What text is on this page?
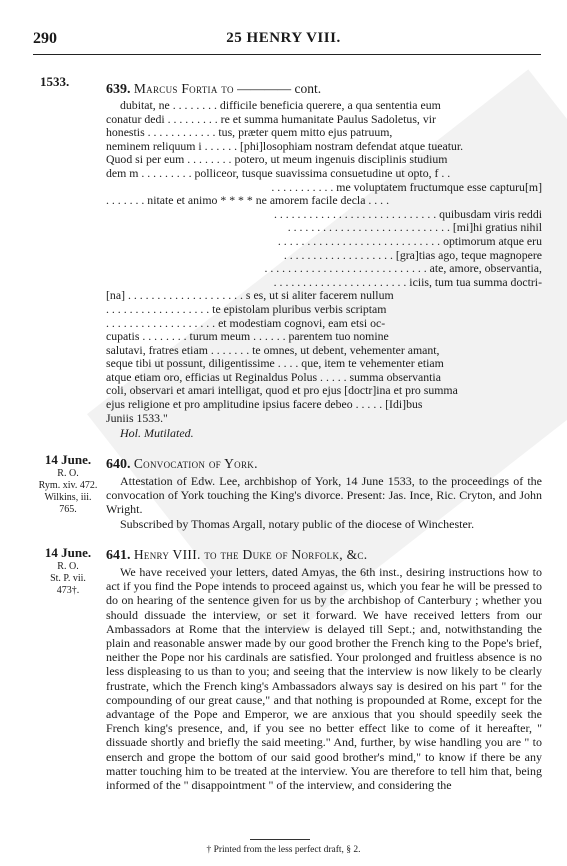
290	25 HENRY VIII.
1533.
639. Marcus Fortia to ———— cont.
dubitat, ne . . . . . . . . difficile beneficia querere, a qua sententia eum
conatur dedi . . . . . . . . . re et summa humanitate Paulus Sadoletus, vir
honestis . . . . . . . . . . . . tus, præter quem mitto ejus patruum,
neminem reliquum i . . . . . . [phi]losophiam nostram defendat atque tueatur.
Quod si per eum . . . . . . . . potero, ut meum ingenuis disciplinis studium
dem m . . . . . . . . . polliceor, tusque suavissima consuetudine ut opto, f . .
. . . . . . . . . . . me voluptatem fructumque esse capturu[m]
. . . . . . . nitate et animo * * * * ne amorem facile decla . . . .
. . . . . . . . . . . . . . . . . . . . . . . . . . . . quibusdam viris reddi
. . . . . . . . . . . . . . . . . . . . . . . . . . . . [mi]hi gratius nihil
. . . . . . . . . . . . . . . . . . . . . . . . . . . . optimorum atque eru
. . . . . . . . . . . . . . . . . . . [gra]tias ago, teque magnopere
. . . . . . . . . . . . . . . . . . . . . . . . . . . . ate, amore, observantia,
. . . . . . . . . . . . . . . . . . . . . . . iciis, tum tua summa doctri-
[na] . . . . . . . . . . . . . . . . . . . . s es, ut si aliter facerem nullum
. . . . . . . . . . . . . . . . . . te epistolam pluribus verbis scriptam
. . . . . . . . . . . . . . . . . . . et modestiam cognovi, eam etsi oc-
cupatis . . . . . . . . turum meum . . . . . . parentem tuo nomine
salutavi, fratres etiam . . . . . . . te omnes, ut debent, vehementer amant,
seque tibi ut possunt, diligentissime . . . . que, item te vehementer etiam
atque etiam oro, efficias ut Reginaldus Polus . . . . . summa observantia
coli, observari et amari intelligat, quod et pro ejus [doctr]ina et pro summa
ejus religione et pro amplitudine ipsius facere debeo . . . . . [Idi]bus
Juniis 1533."
Hol. Mutilated.
14 June.
R. O.
Rym. xiv. 472.
Wilkins, iii.
765.
640. Convocation of York.

Attestation of Edw. Lee, archbishop of York, 14 June 1533, to the proceedings of the convocation of York touching the King's divorce. Present: Jas. Ince, Ric. Cryton, and John Wright.

Subscribed by Thomas Argall, notary public of the diocese of Winchester.

14 June.
R. O.
St. P. vii.
473†.
641. Henry VIII. to the Duke of Norfolk, &c.

We have received your letters, dated Amyas, the 6th inst., desiring instructions how to act if you find the Pope intends to proceed against us, which you fear he will be pressed to do on hearing of the sentence given for us by the archbishop of Canterbury ; whether you should dissuade the interview, or set it forward. We have received letters from our Ambassadors at Rome that the interview is delayed till Sept.; and, notwithstanding the plain and reasonable answer made by our good brother the French king to the Pope's brief, neither the Pope nor his cardinals are satisfied. Your prolonged and fruitless absence is no less displeasing to us than to you; and seeing that the interview is now likely to be clearly frustrate, which the French king's Ambassadors always say is desired on his part " for the compounding of our great cause," and that nothing is propounded at Rome, except for the advantage of the Pope and Emperor, we are anxious that you should speedily seek the French king's presence, and, if you see no better effect like to come of it hereafter, " dissuade shortly and briefly the said meeting." And, further, by wise handling you are " to enserch and grope the bottom of our said good brother's mind," to know if there be any matter touching him to be treated at the interview. You are therefore to tell him that, being informed of the " disappointment " of the interview, and considering the

† Printed from the less perfect draft, § 2.
